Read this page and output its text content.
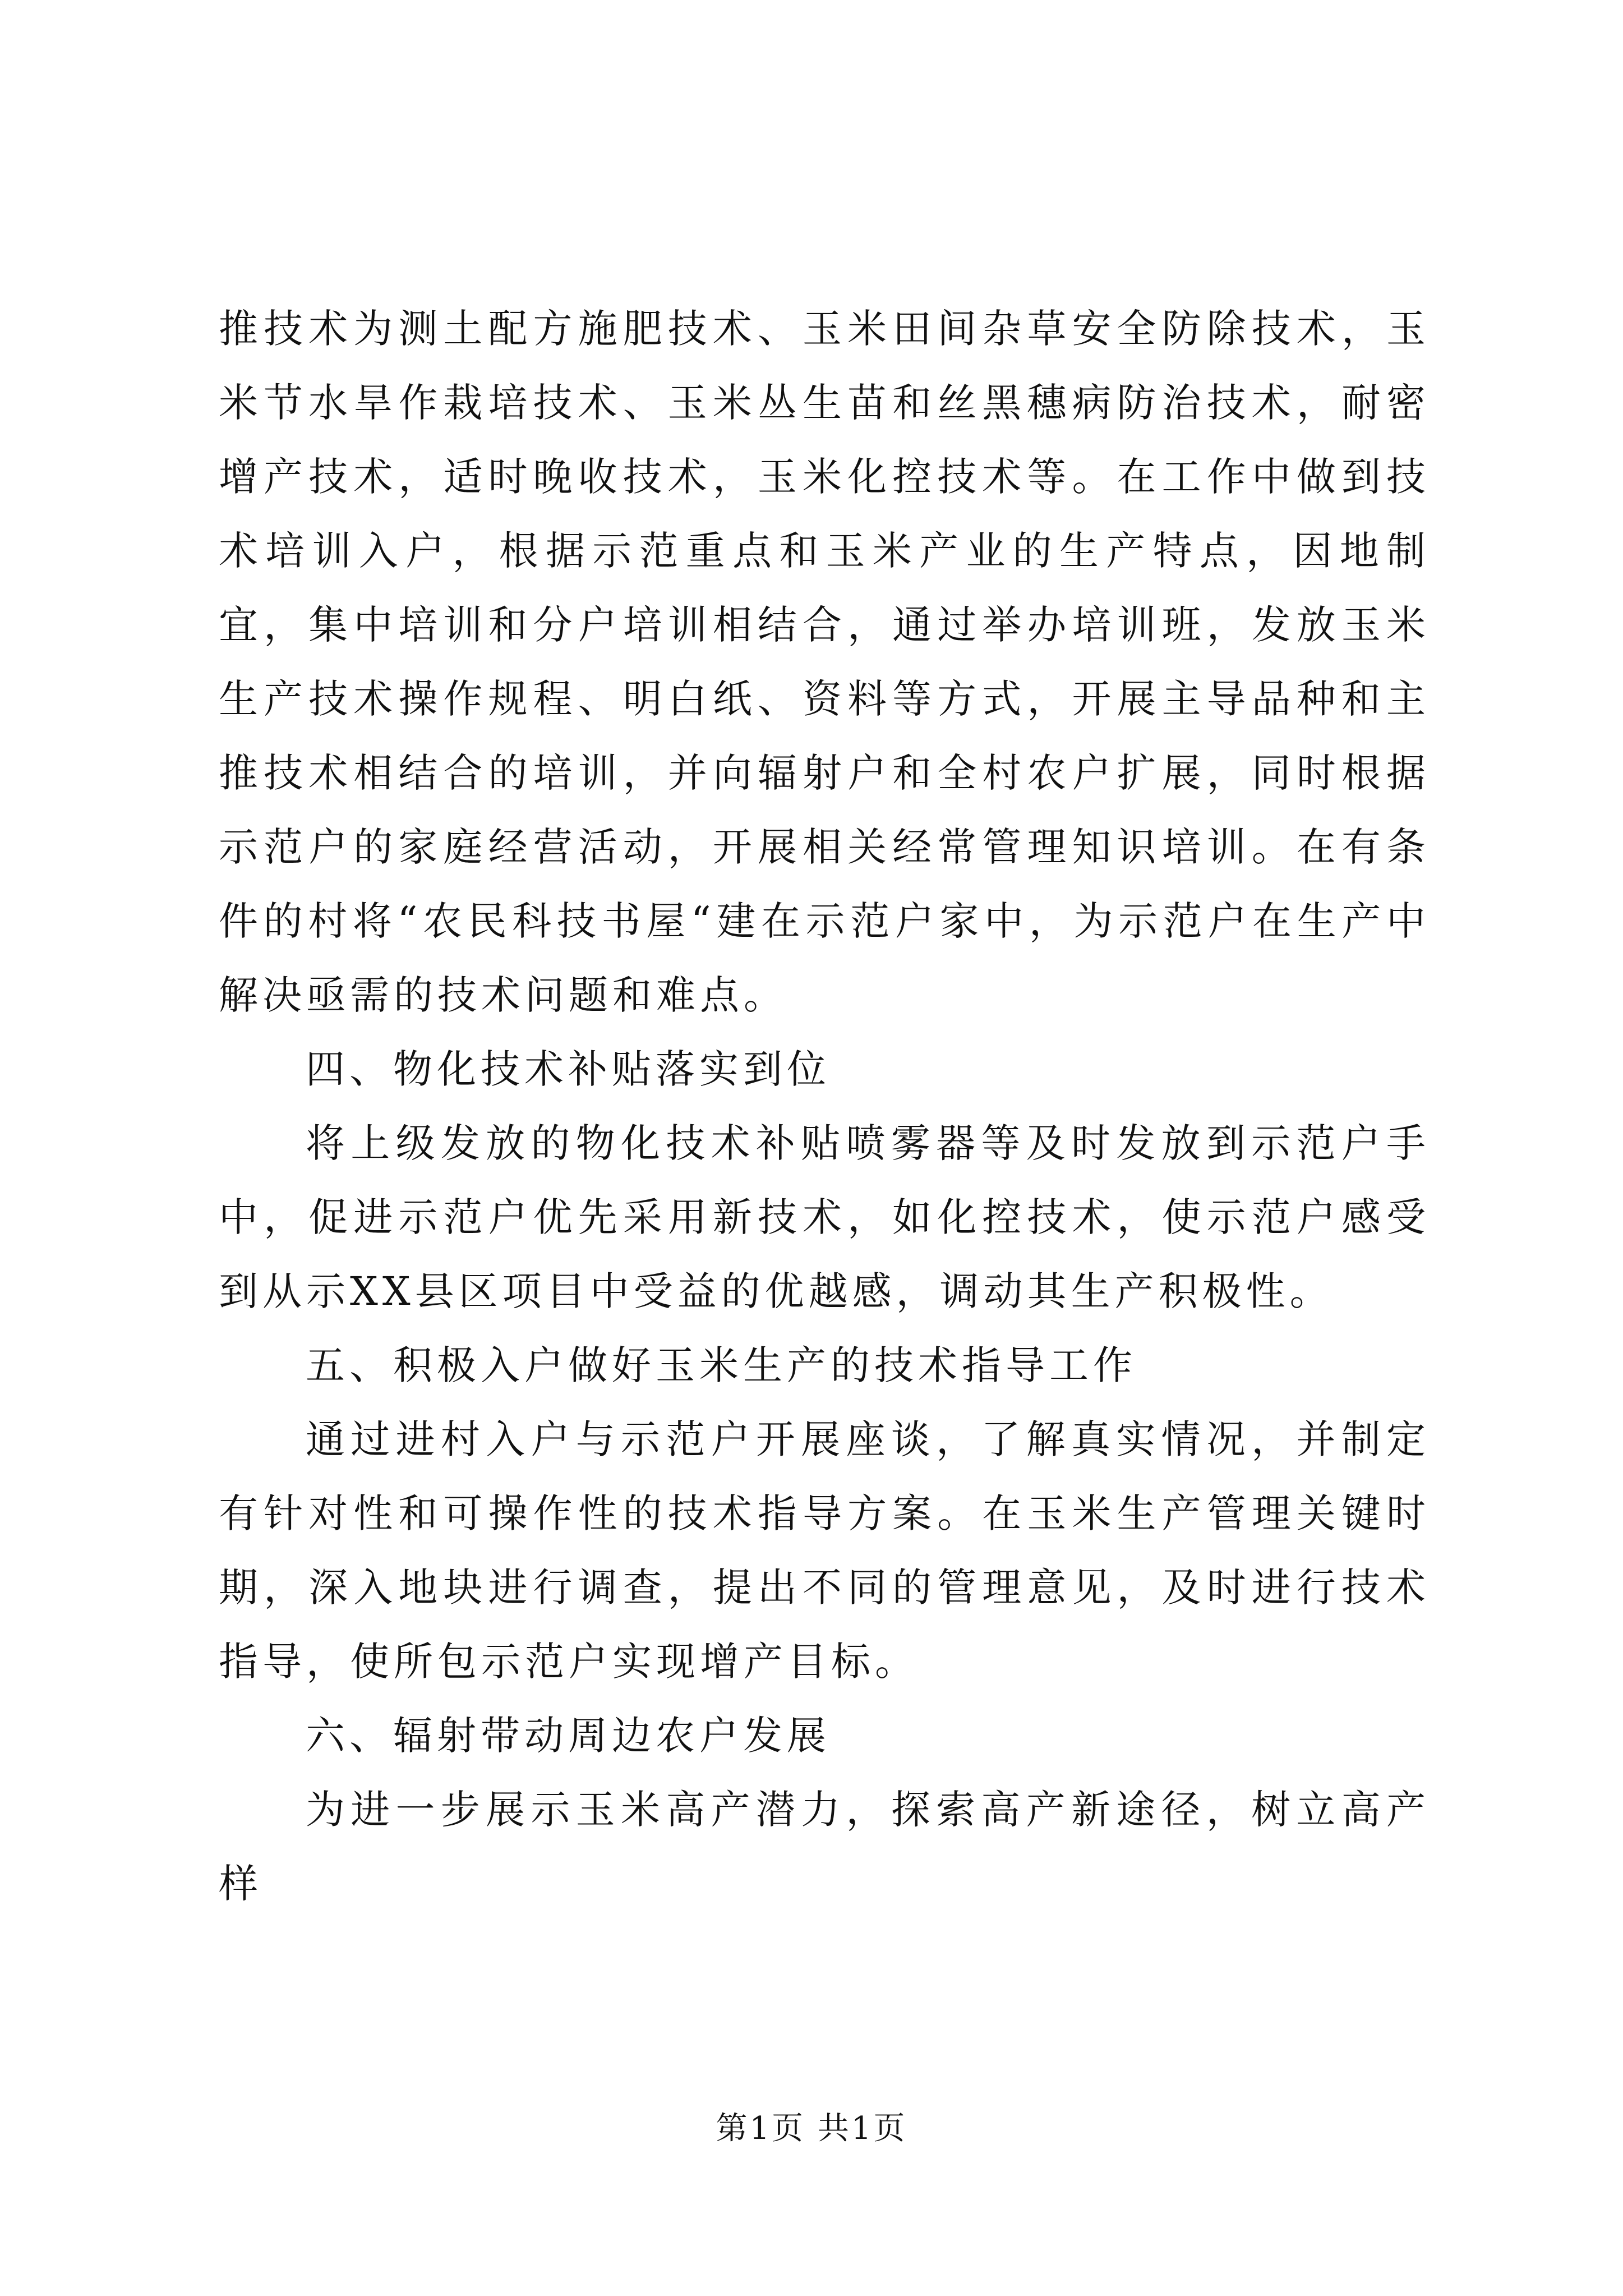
推技术为测土配方施肥技术、玉米田间杂草安全防除技术，玉米节水旱作栽培技术、玉米丛生苗和丝黑穗病防治技术，耐密增产技术，适时晚收技术，玉米化控技术等。在工作中做到技术培训入户，根据示范重点和玉米产业的生产特点，因地制宜，集中培训和分户培训相结合，通过举办培训班，发放玉米生产技术操作规程、明白纸、资料等方式，开展主导品种和主推技术相结合的培训，并向辐射户和全村农户扩展，同时根据示范户的家庭经营活动，开展相关经常管理知识培训。在有条件的村将“农民科技书屋“建在示范户家中，为示范户在生产中解决亟需的技术问题和难点。

四、物化技术补贴落实到位

将上级发放的物化技术补贴喷雾器等及时发放到示范户手中，促进示范户优先采用新技术，如化控技术，使示范户感受到从示XX县区项目中受益的优越感，调动其生产积极性。

五、积极入户做好玉米生产的技术指导工作

通过进村入户与示范户开展座谈，了解真实情况，并制定有针对性和可操作性的技术指导方案。在玉米生产管理关键时期，深入地块进行调查，提出不同的管理意见，及时进行技术指导，使所包示范户实现增产目标。

六、辐射带动周边农户发展

为进一步展示玉米高产潜力，探索高产新途径，树立高产样

第1页 共1页
